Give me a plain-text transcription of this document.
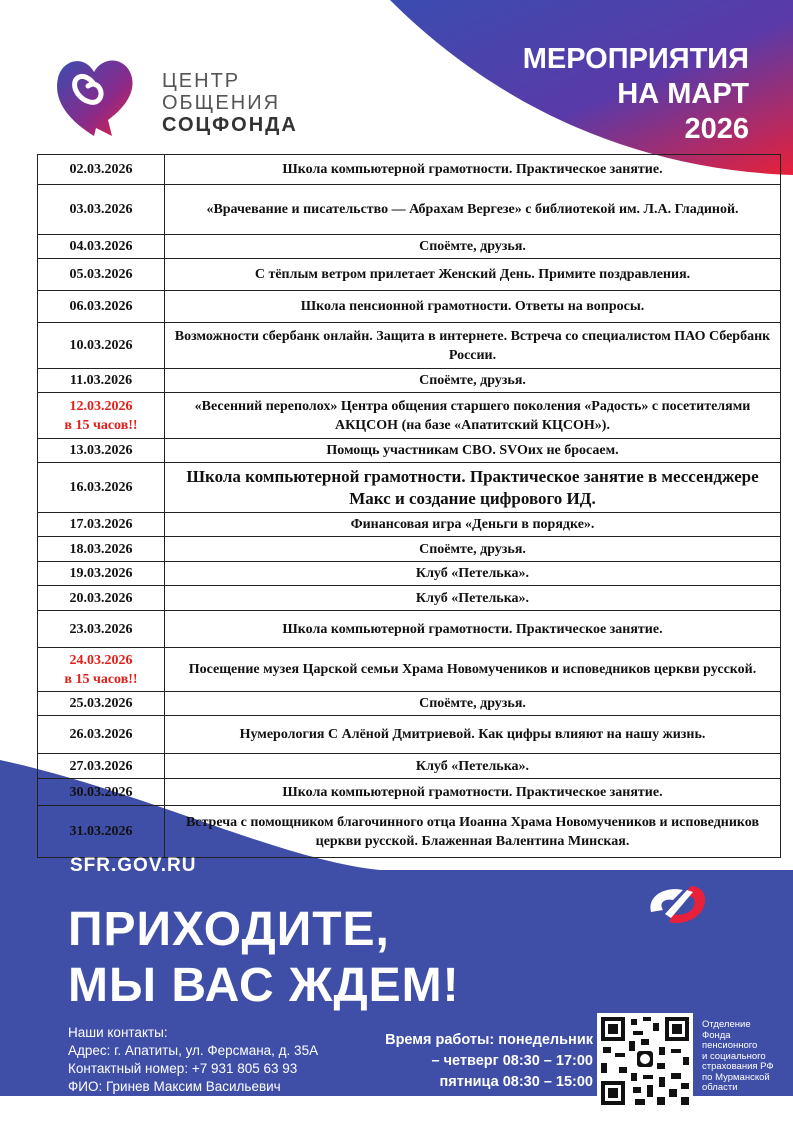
ЦЕНТР
ОБЩЕНИЯ
СОЦФОНДА
МЕРОПРИЯТИЯ
НА МАРТ
2026
02.03.2026	Школа компьютерной грамотности. Практическое занятие.
03.03.2026	«Врачевание и писательство — Абрахам Вергезе» с библиотекой им. Л.А. Гладиной.
04.03.2026	Споёмте, друзья.
05.03.2026	С тёплым ветром прилетает Женский День. Примите поздравления.
06.03.2026	Школа пенсионной грамотности. Ответы на вопросы.
10.03.2026	Возможности сбербанк онлайн. Защита в интернете. Встреча со специалистом ПАО Сбербанк России.
11.03.2026	Споёмте, друзья.

12.03.2026
в 15 часов!!	«Весенний переполох» Центра общения старшего поколения «Радость» с посетителями АКЦСОН (на базе «Апатитский КЦСОН»).
13.03.2026	Помощь участникам СВО. SVOих не бросаем.
16.03.2026	Школа компьютерной грамотности. Практическое занятие в мессенджере Макс и создание цифрового ИД.
17.03.2026	Финансовая игра «Деньги в порядке».
18.03.2026	Споёмте, друзья.
19.03.2026	Клуб «Петелька».
20.03.2026	Клуб «Петелька».
23.03.2026	Школа компьютерной грамотности. Практическое занятие.

24.03.2026
в 15 часов!!	Посещение музея Царской семьи Храма Новомучеников и исповедников церкви русской.
25.03.2026	Споёмте, друзья.
26.03.2026	Нумерология С Алёной Дмитриевой. Как цифры влияют на нашу жизнь.
27.03.2026	Клуб «Петелька».
30.03.2026	Школа компьютерной грамотности. Практическое занятие.
31.03.2026	Встреча с помощником благочинного отца Иоанна Храма Новомучеников и исповедников церкви русской. Блаженная Валентина Минская.
SFR.GOV.RU
ПРИХОДИТЕ,
МЫ ВАС ЖДЕМ!
Наши контакты:
Адрес: г. Апатиты, ул. Ферсмана, д. 35А
Контактный номер: +7 931 805 63 93
ФИО: Гринев Максим Васильевич
Время работы: понедельник
– четверг 08:30 – 17:00
пятница 08:30 – 15:00
Отделение
Фонда
пенсионного
и социального
страхования РФ
по Мурманской
области
